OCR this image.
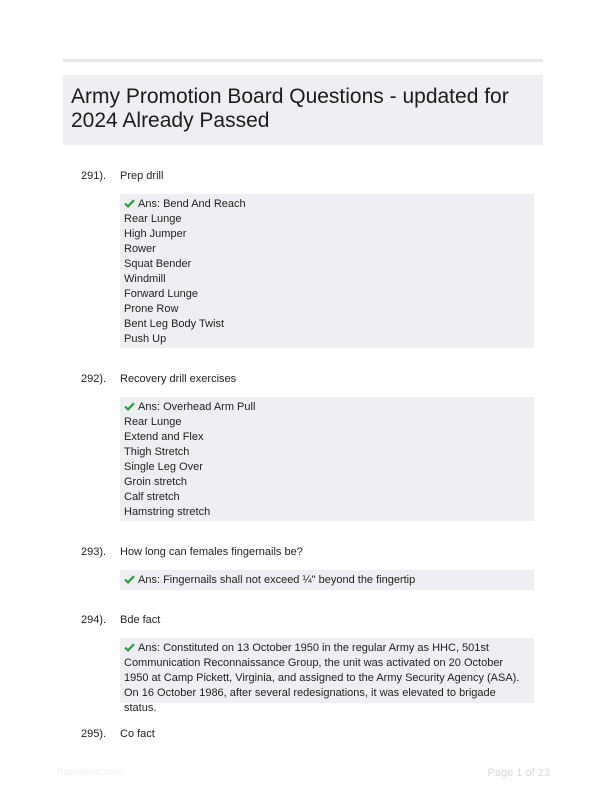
Army Promotion Board Questions - updated for 2024 Already Passed
291). Prep drill
Ans: Bend And Reach
Rear Lunge
High Jumper
Rower
Squat Bender
Windmill
Forward Lunge
Prone Row
Bent Leg Body Twist
Push Up
292). Recovery drill exercises
Ans: Overhead Arm Pull
Rear Lunge
Extend and Flex
Thigh Stretch
Single Leg Over
Groin stretch
Calf stretch
Hamstring stretch
293). How long can females fingernails be?
Ans: Fingernails shall not exceed ¼" beyond the fingertip
294). Bde fact
Ans: Constituted on 13 October 1950 in the regular Army as HHC, 501st Communication Reconnaissance Group, the unit was activated on 20 October 1950 at Camp Pickett, Virginia, and assigned to the Army Security Agency (ASA). On 16 October 1986, after several redesignations, it was elevated to brigade status.
295). Co fact
Paperlibic.com	Page 1 of 23
